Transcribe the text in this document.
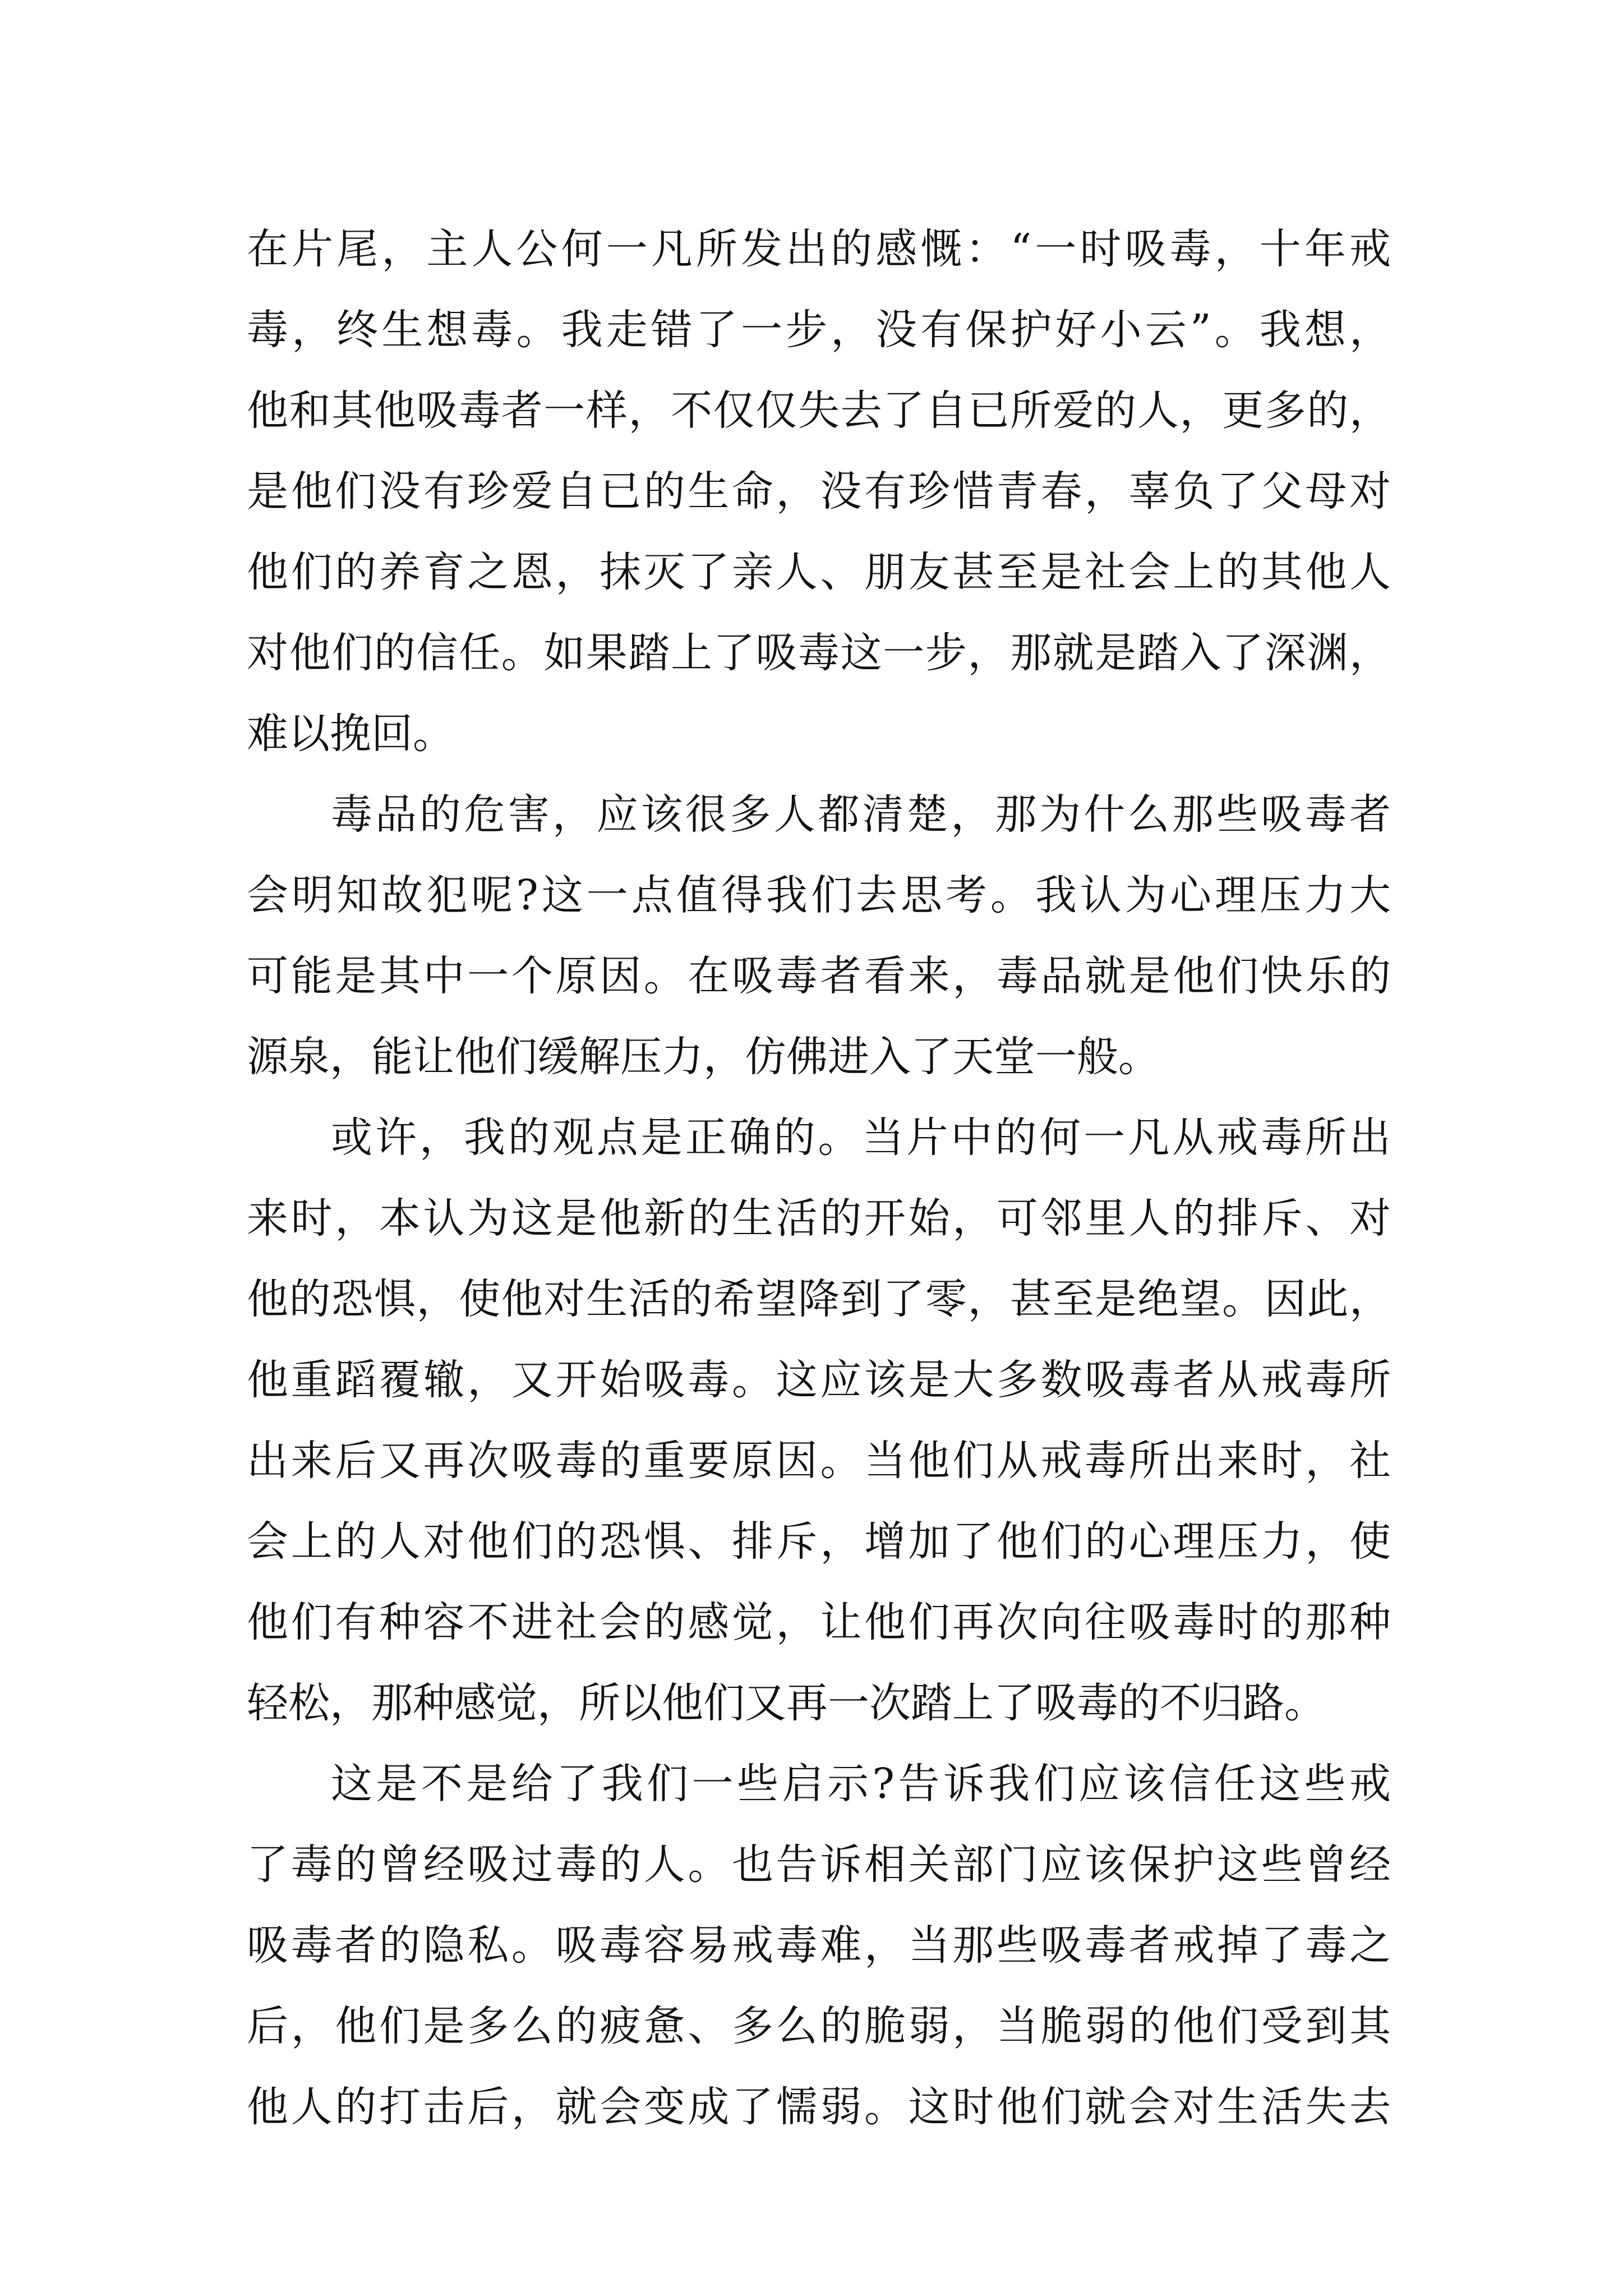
在片尾，主人公何一凡所发出的感慨：“一时吸毒，十年戒
毒，终生想毒。我走错了一步，没有保护好小云”。我想，
他和其他吸毒者一样，不仅仅失去了自已所爱的人，更多的，
是他们没有珍爱自已的生命，没有珍惜青春，辜负了父母对
他们的养育之恩，抹灭了亲人、朋友甚至是社会上的其他人
对他们的信任。如果踏上了吸毒这一步，那就是踏入了深渊，
难以挽回。
毒品的危害，应该很多人都清楚，那为什么那些吸毒者
会明知故犯呢?这一点值得我们去思考。我认为心理压力大
可能是其中一个原因。在吸毒者看来，毒品就是他们快乐的
源泉，能让他们缓解压力，仿佛进入了天堂一般。
或许，我的观点是正确的。当片中的何一凡从戒毒所出
来时，本认为这是他新的生活的开始，可邻里人的排斥、对
他的恐惧，使他对生活的希望降到了零，甚至是绝望。因此，
他重蹈覆辙，又开始吸毒。这应该是大多数吸毒者从戒毒所
出来后又再次吸毒的重要原因。当他们从戒毒所出来时，社
会上的人对他们的恐惧、排斥，增加了他们的心理压力，使
他们有种容不进社会的感觉，让他们再次向往吸毒时的那种
轻松，那种感觉，所以他们又再一次踏上了吸毒的不归路。
这是不是给了我们一些启示?告诉我们应该信任这些戒
了毒的曾经吸过毒的人。也告诉相关部门应该保护这些曾经
吸毒者的隐私。吸毒容易戒毒难，当那些吸毒者戒掉了毒之
后，他们是多么的疲惫、多么的脆弱，当脆弱的他们受到其
他人的打击后，就会变成了懦弱。这时他们就会对生活失去
